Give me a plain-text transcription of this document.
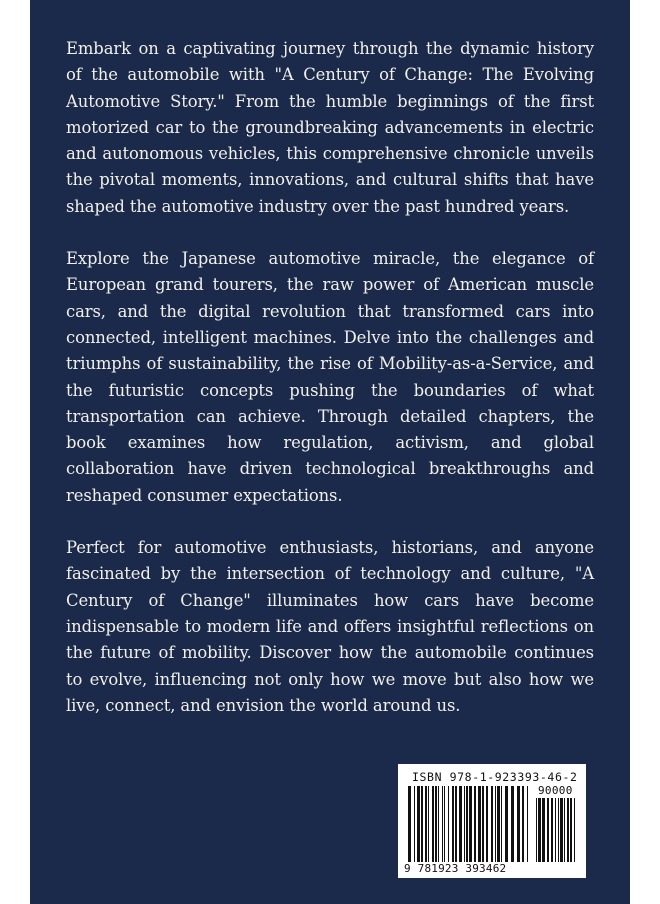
Embark on a captivating journey through the dynamic history of the automobile with "A Century of Change: The Evolving Automotive Story." From the humble beginnings of the first motorized car to the groundbreaking advancements in electric and autonomous vehicles, this comprehensive chronicle unveils the pivotal moments, innovations, and cultural shifts that have shaped the automotive industry over the past hundred years.

Explore the Japanese automotive miracle, the elegance of European grand tourers, the raw power of American muscle cars, and the digital revolution that transformed cars into connected, intelligent machines. Delve into the challenges and triumphs of sustainability, the rise of Mobility-as-a-Service, and the futuristic concepts pushing the boundaries of what transportation can achieve. Through detailed chapters, the book examines how regulation, activism, and global collaboration have driven technological breakthroughs and reshaped consumer expectations.

Perfect for automotive enthusiasts, historians, and anyone fascinated by the intersection of technology and culture, "A Century of Change" illuminates how cars have become indispensable to modern life and offers insightful reflections on the future of mobility. Discover how the automobile continues to evolve, influencing not only how we move but also how we live, connect, and envision the world around us.

ISBN 978-1-923393-46-2
90000
9 781923 393462
